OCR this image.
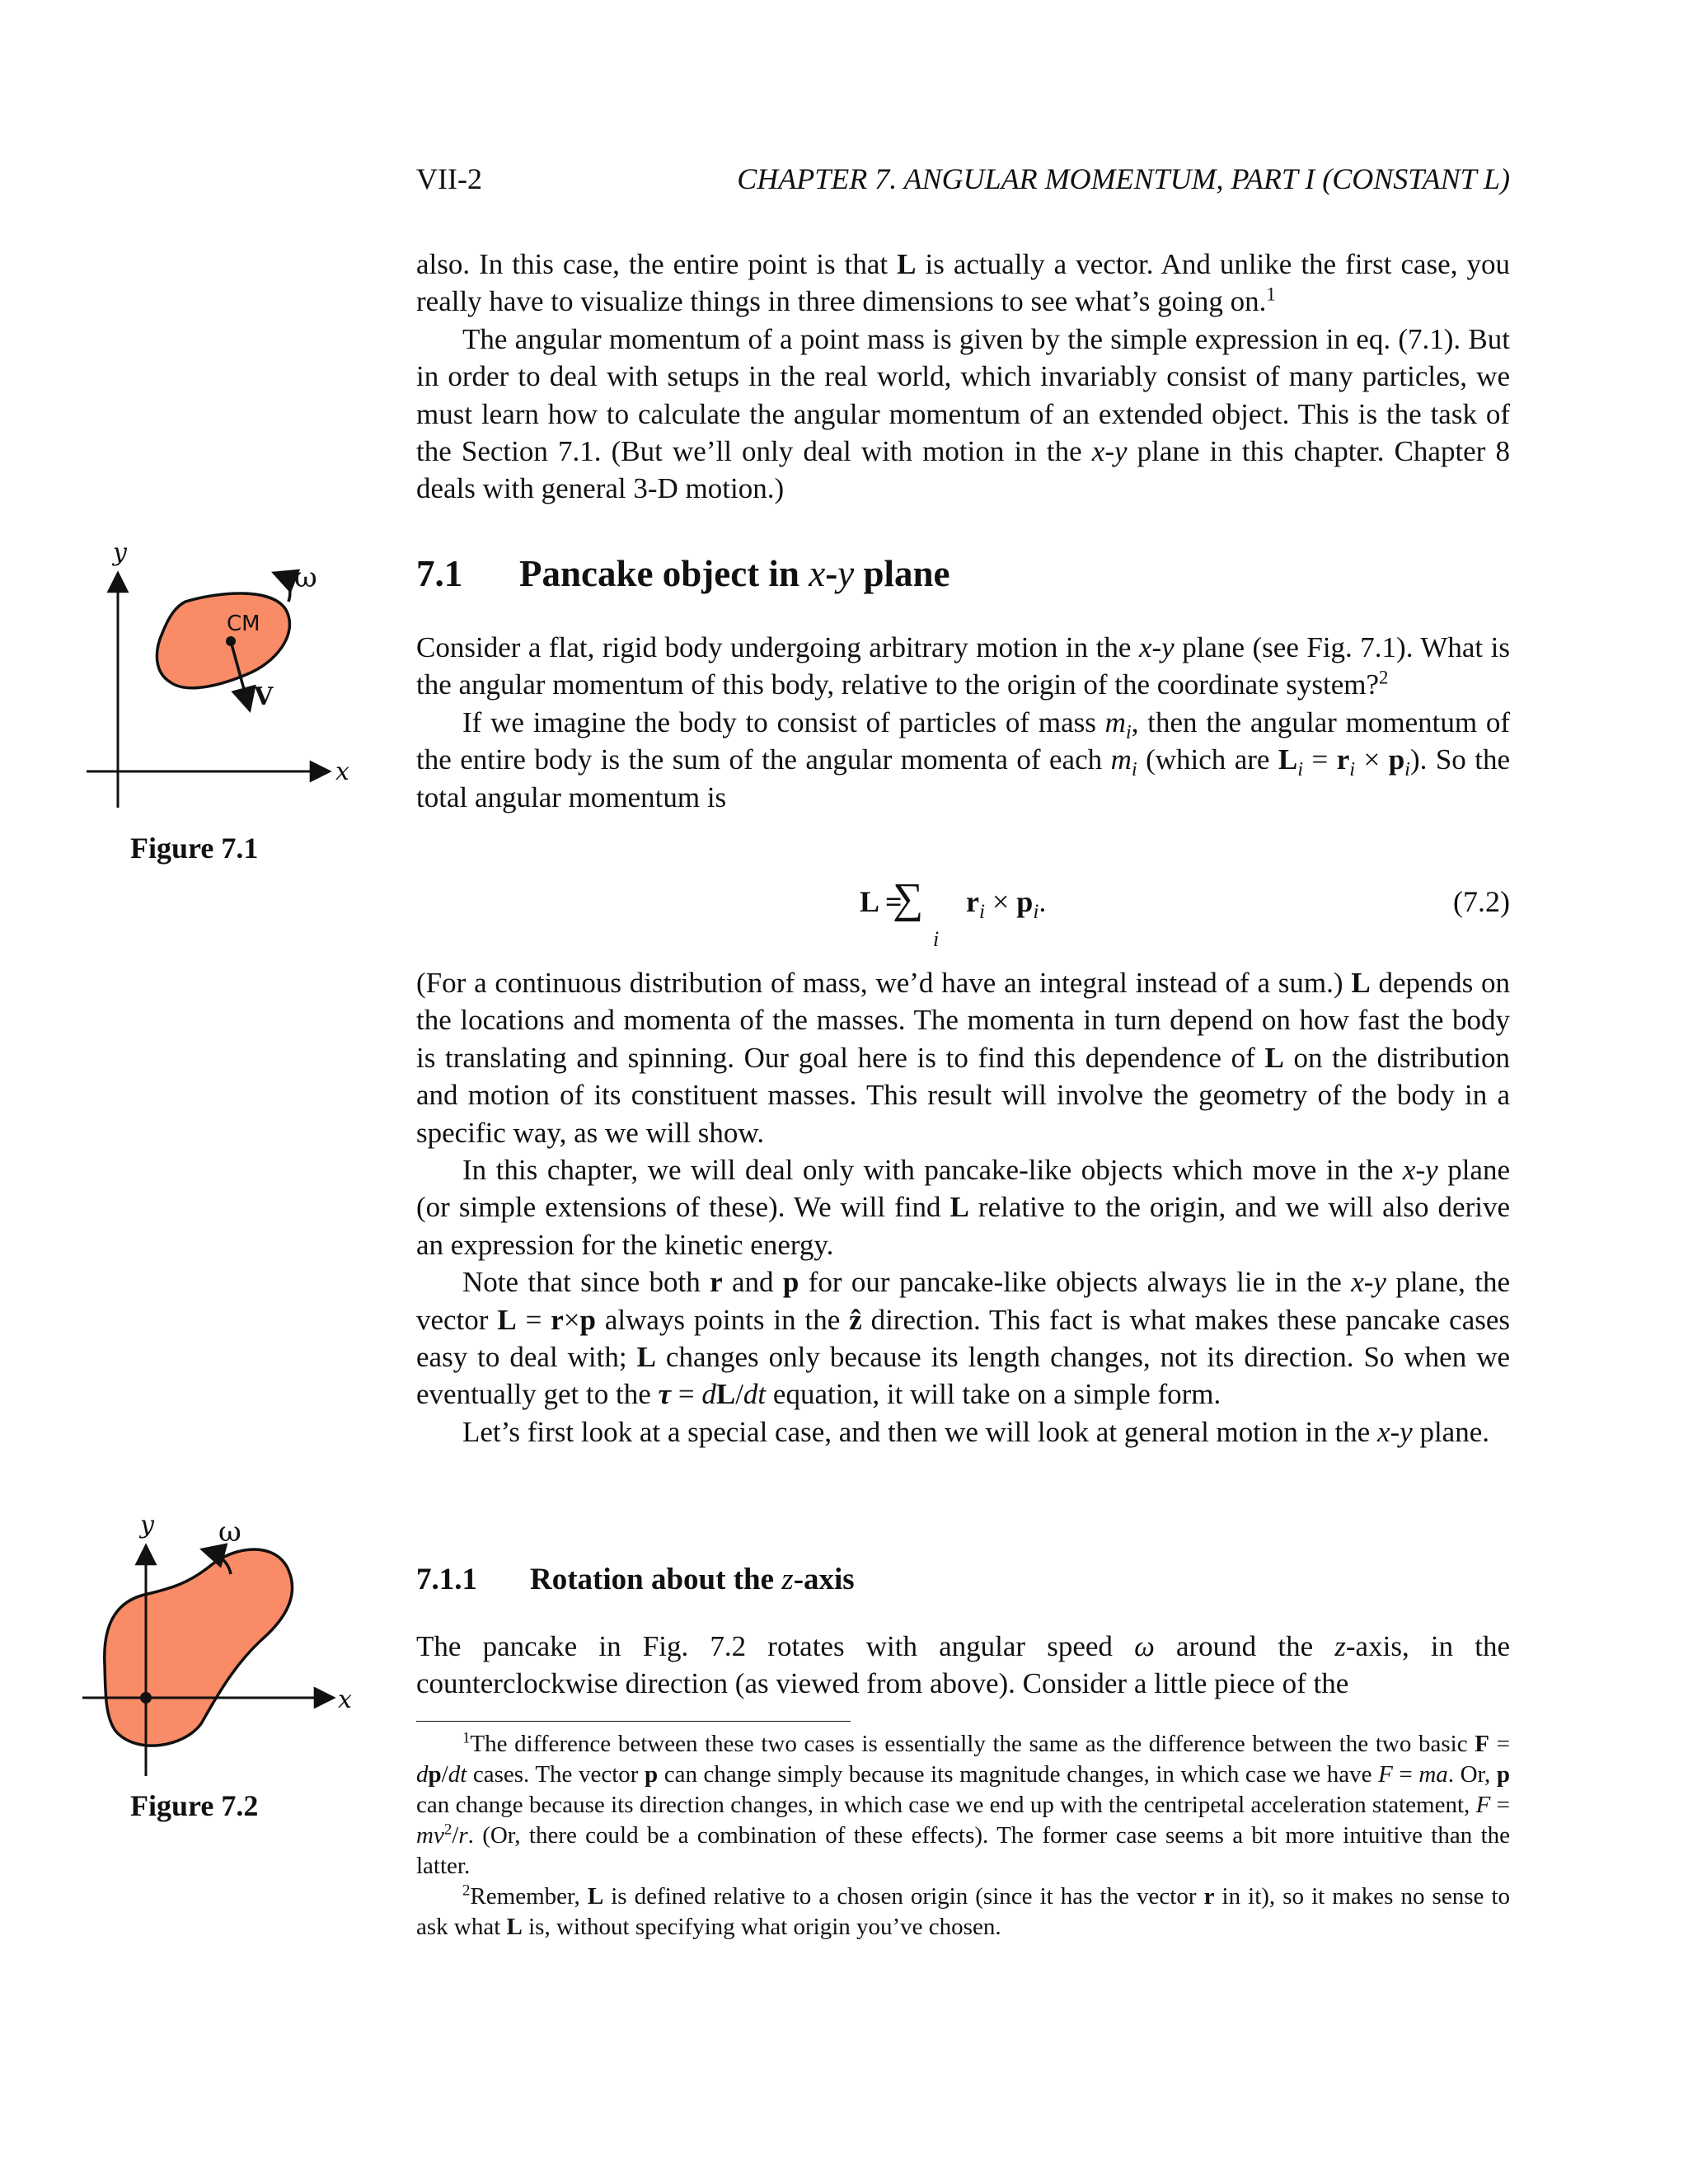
VII-2	CHAPTER 7. ANGULAR MOMENTUM, PART I (CONSTANT L)

also. In this case, the entire point is that L is actually a vector. And unlike the first case, you really have to visualize things in three dimensions to see what’s going on.$^1$

The angular momentum of a point mass is given by the simple expression in eq. (7.1). But in order to deal with setups in the real world, which invariably consist of many particles, we must learn how to calculate the angular momentum of an extended object. This is the task of the Section 7.1. (But we’ll only deal with motion in the x-y plane in this chapter. Chapter 8 deals with general 3-D motion.)

7.1 Pancake object in x-y plane

Consider a flat, rigid body undergoing arbitrary motion in the x-y plane (see Fig. 7.1). What is the angular momentum of this body, relative to the origin of the coordinate system?$^2$

If we imagine the body to consist of particles of mass $m_i$, then the angular momentum of the entire body is the sum of the angular momenta of each $m_i$ (which are $L_i = r_i \times p_i$). So the total angular momentum is

L =
∑
i
$r_i \times p_i$.	(7.2)

(For a continuous distribution of mass, we’d have an integral instead of a sum.) L depends on the locations and momenta of the masses. The momenta in turn depend on how fast the body is translating and spinning. Our goal here is to find this dependence of L on the distribution and motion of its constituent masses. This result will involve the geometry of the body in a specific way, as we will show.

In this chapter, we will deal only with pancake-like objects which move in the x-y plane (or simple extensions of these). We will find L relative to the origin, and we will also derive an expression for the kinetic energy.

Note that since both r and p for our pancake-like objects always lie in the x-y plane, the vector L = r×p always points in the ẑ direction. This fact is what makes these pancake cases easy to deal with; L changes only because its length changes, not its direction. So when we eventually get to the τ = dL/dt equation, it will take on a simple form.

Let’s first look at a special case, and then we will look at general motion in the x-y plane.

7.1.1 Rotation about the z-axis

The pancake in Fig. 7.2 rotates with angular speed ω around the z-axis, in the counterclockwise direction (as viewed from above). Consider a little piece of the

$^1$The difference between these two cases is essentially the same as the difference between the two basic F = dp/dt cases. The vector p can change simply because its magnitude changes, in which case we have F = ma. Or, p can change because its direction changes, in which case we end up with the centripetal acceleration statement, $F = mv^2/r$. (Or, there could be a combination of these effects). The former case seems a bit more intuitive than the latter.

$^2$Remember, L is defined relative to a chosen origin (since it has the vector r in it), so it makes no sense to ask what L is, without specifying what origin you’ve chosen.

y
x
CM
V
ω
Figure 7.1
y
x
ω
Figure 7.2
